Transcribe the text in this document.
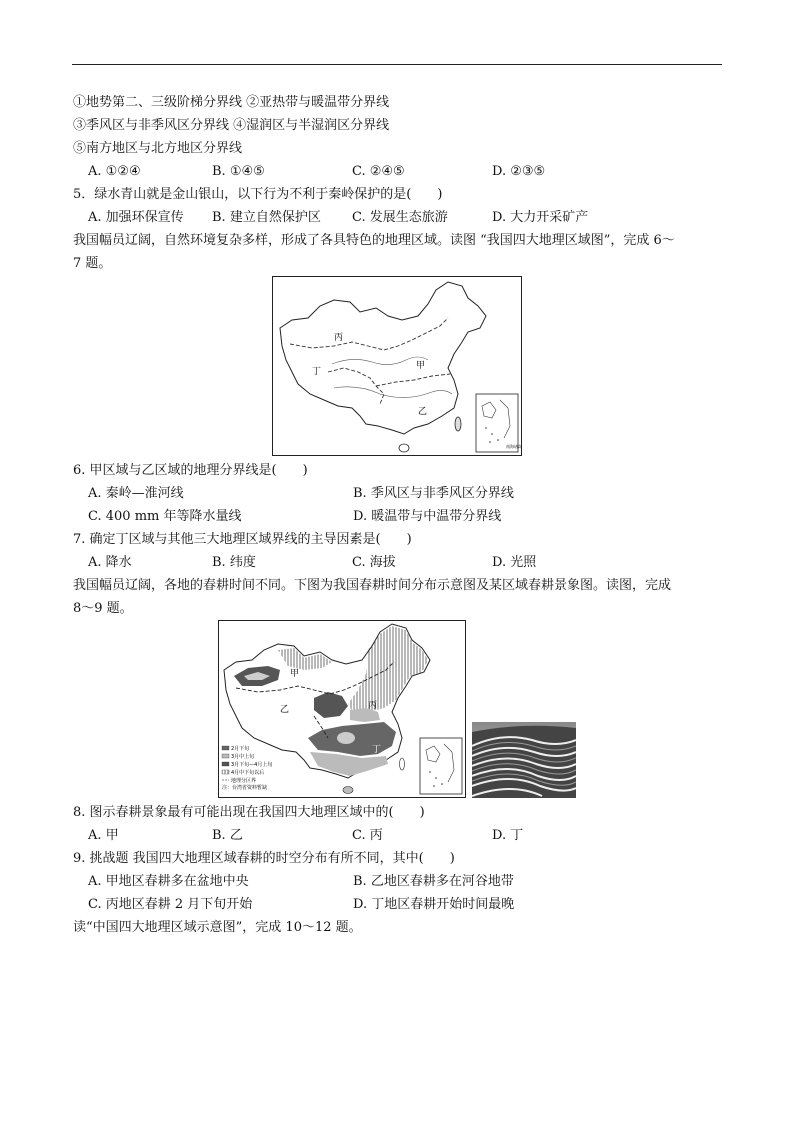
①地势第二、三级阶梯分界线 ②亚热带与暖温带分界线
③季风区与非季风区分界线 ④湿润区与半湿润区分界线
⑤南方地区与北方地区分界线
A. ①②④	B. ①④⑤	C. ②④⑤	D. ②③⑤
5．绿水青山就是金山银山，以下行为不利于秦岭保护的是(　　)
A. 加强环保宣传 B. 建立自然保护区 C. 发展生态旅游	D. 大力开采矿产
我国幅员辽阔，自然环境复杂多样，形成了各具特色的地理区域。读图 “我国四大地理区域图”，完成 6～
7 题。
丙
甲
乙
丁
南海诸岛
6. 甲区域与乙区域的地理分界线是(　　)
A. 秦岭—淮河线	B. 季风区与非季风区分界线
C. 400 mm 年等降水量线	D. 暖温带与中温带分界线
7. 确定丁区域与其他三大地理区域界线的主导因素是(　　)
A. 降水	B. 纬度	C. 海拔	D. 光照
我国幅员辽阔，各地的春耕时间不同。下图为我国春耕时间分布示意图及某区域春耕景象图。读图，完成
8～9 题。
甲
乙	丙
丁
2月下旬
3月中上旬
3月下旬—4月上旬
4月中下旬以后
地理分区界
注：台湾省资料暂缺
8. 图示春耕景象最有可能出现在我国四大地理区域中的(　　)
A. 甲	B. 乙	C. 丙	D. 丁
9. 挑战题 我国四大地理区域春耕的时空分布有所不同，其中(　　)
A. 甲地区春耕多在盆地中央	B. 乙地区春耕多在河谷地带
C. 丙地区春耕 2 月下旬开始	D. 丁地区春耕开始时间最晚
读“中国四大地理区域示意图”，完成 10～12 题。
